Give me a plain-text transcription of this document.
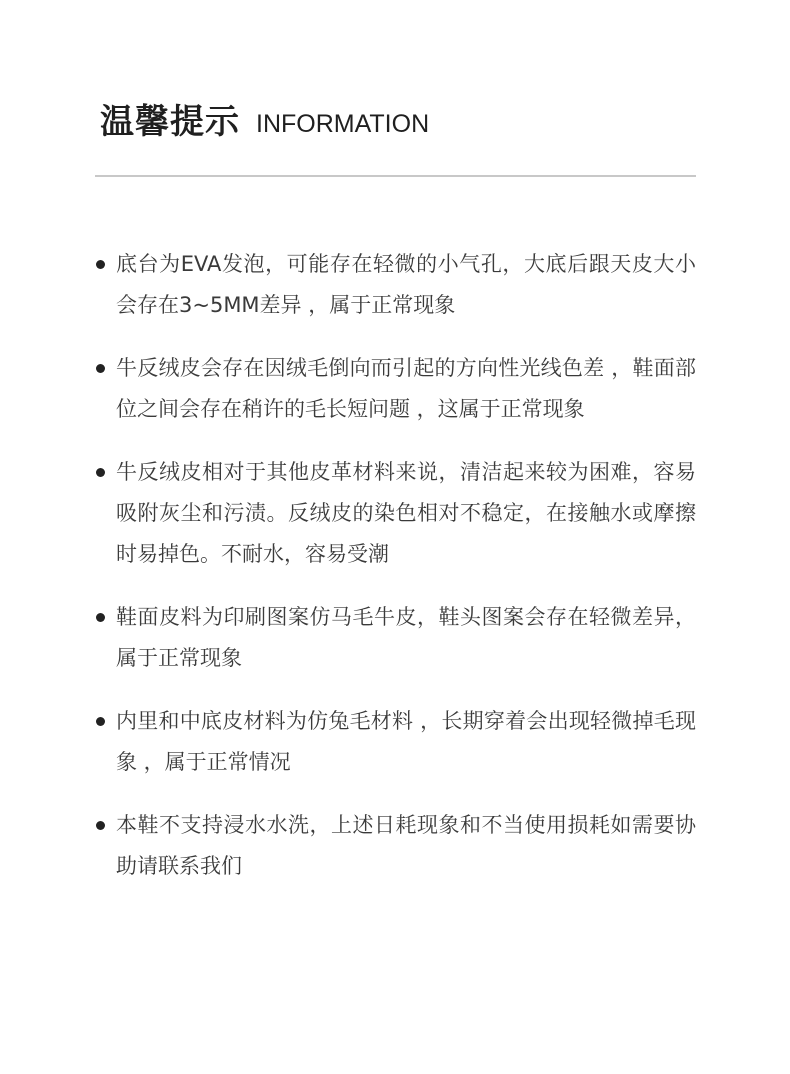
温馨提示 INFORMATION
底台为EVA发泡，可能存在轻微的小气孔，大底后跟天皮大小会存在3~5MM差异 ，属于正常现象
牛反绒皮会存在因绒毛倒向而引起的方向性光线色差 ，鞋面部位之间会存在稍许的毛长短问题 ，这属于正常现象
牛反绒皮相对于其他皮革材料来说，清洁起来较为困难，容易吸附灰尘和污渍。反绒皮的染色相对不稳定，在接触水或摩擦时易掉色。不耐水，容易受潮
鞋面皮料为印刷图案仿马毛牛皮，鞋头图案会存在轻微差异，属于正常现象
内里和中底皮材料为仿兔毛材料 ，长期穿着会出现轻微掉毛现象 ，属于正常情况
本鞋不支持浸水水洗，上述日耗现象和不当使用损耗如需要协助请联系我们
